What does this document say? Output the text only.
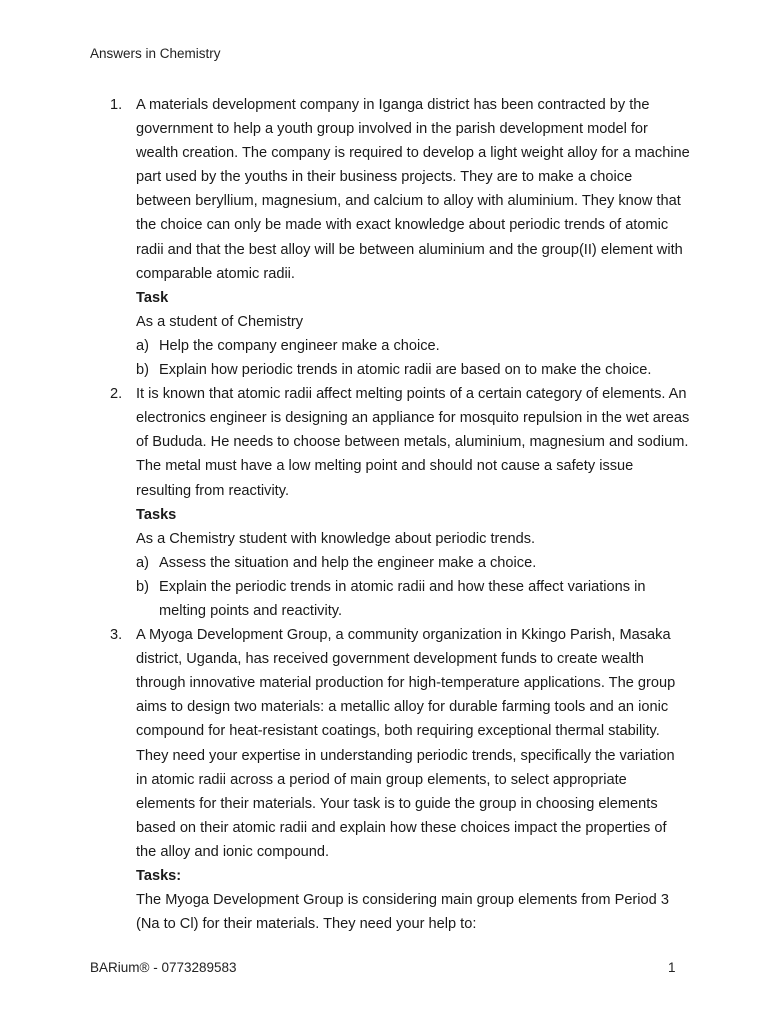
Answers in Chemistry
1. A materials development company in Iganga district has been contracted by the government to help a youth group involved in the parish development model for wealth creation. The company is required to develop a light weight alloy for a machine part used by the youths in their business projects. They are to make a choice between beryllium, magnesium, and calcium to alloy with aluminium. They know that the choice can only be made with exact knowledge about periodic trends of atomic radii and that the best alloy will be between aluminium and the group(II) element with comparable atomic radii.
Task
As a student of Chemistry
a) Help the company engineer make a choice.
b) Explain how periodic trends in atomic radii are based on to make the choice.
2. It is known that atomic radii affect melting points of a certain category of elements. An electronics engineer is designing an appliance for mosquito repulsion in the wet areas of Bududa. He needs to choose between metals, aluminium, magnesium and sodium. The metal must have a low melting point and should not cause a safety issue resulting from reactivity.
Tasks
As a Chemistry student with knowledge about periodic trends.
a) Assess the situation and help the engineer make a choice.
b) Explain the periodic trends in atomic radii and how these affect variations in melting points and reactivity.
3. A Myoga Development Group, a community organization in Kkingo Parish, Masaka district, Uganda, has received government development funds to create wealth through innovative material production for high-temperature applications. The group aims to design two materials: a metallic alloy for durable farming tools and an ionic compound for heat-resistant coatings, both requiring exceptional thermal stability. They need your expertise in understanding periodic trends, specifically the variation in atomic radii across a period of main group elements, to select appropriate elements for their materials. Your task is to guide the group in choosing elements based on their atomic radii and explain how these choices impact the properties of the alloy and ionic compound.
Tasks:
The Myoga Development Group is considering main group elements from Period 3 (Na to Cl) for their materials. They need your help to:
BARium® - 0773289583	1
